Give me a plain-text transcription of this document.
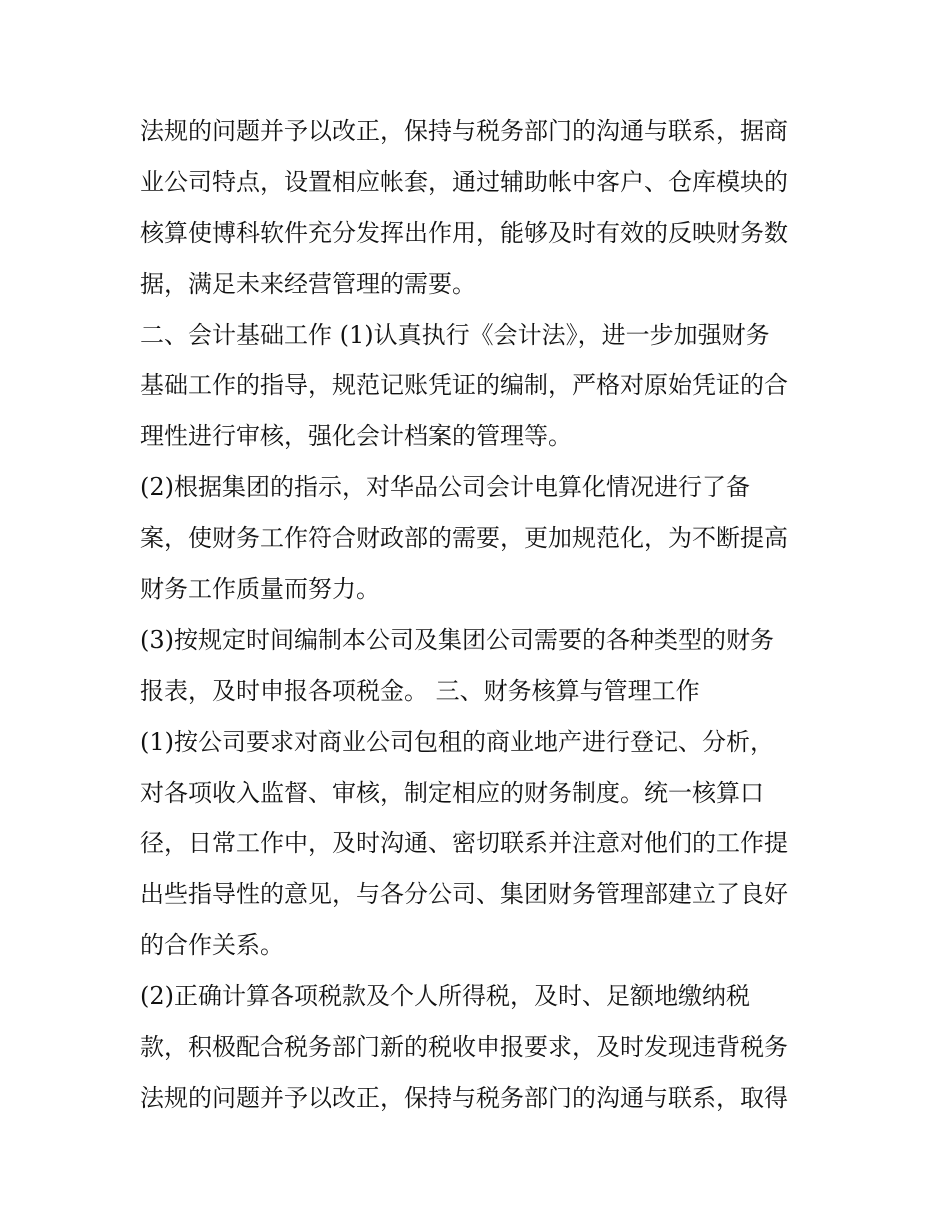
法规的问题并予以改正，保持与税务部门的沟通与联系，据商
业公司特点，设置相应帐套，通过辅助帐中客户、仓库模块的
核算使博科软件充分发挥出作用，能够及时有效的反映财务数
据，满足未来经营管理的需要。
二、会计基础工作 (1)认真执行《会计法》，进一步加强财务
基础工作的指导，规范记账凭证的编制，严格对原始凭证的合
理性进行审核，强化会计档案的管理等。
(2)根据集团的指示，对华品公司会计电算化情况进行了备
案，使财务工作符合财政部的需要，更加规范化，为不断提高
财务工作质量而努力。
(3)按规定时间编制本公司及集团公司需要的各种类型的财务
报表，及时申报各项税金。 三、财务核算与管理工作
(1)按公司要求对商业公司包租的商业地产进行登记、分析，
对各项收入监督、审核，制定相应的财务制度。统一核算口
径，日常工作中，及时沟通、密切联系并注意对他们的工作提
出些指导性的意见，与各分公司、集团财务管理部建立了良好
的合作关系。
(2)正确计算各项税款及个人所得税，及时、足额地缴纳税
款，积极配合税务部门新的税收申报要求，及时发现违背税务
法规的问题并予以改正，保持与税务部门的沟通与联系，取得
